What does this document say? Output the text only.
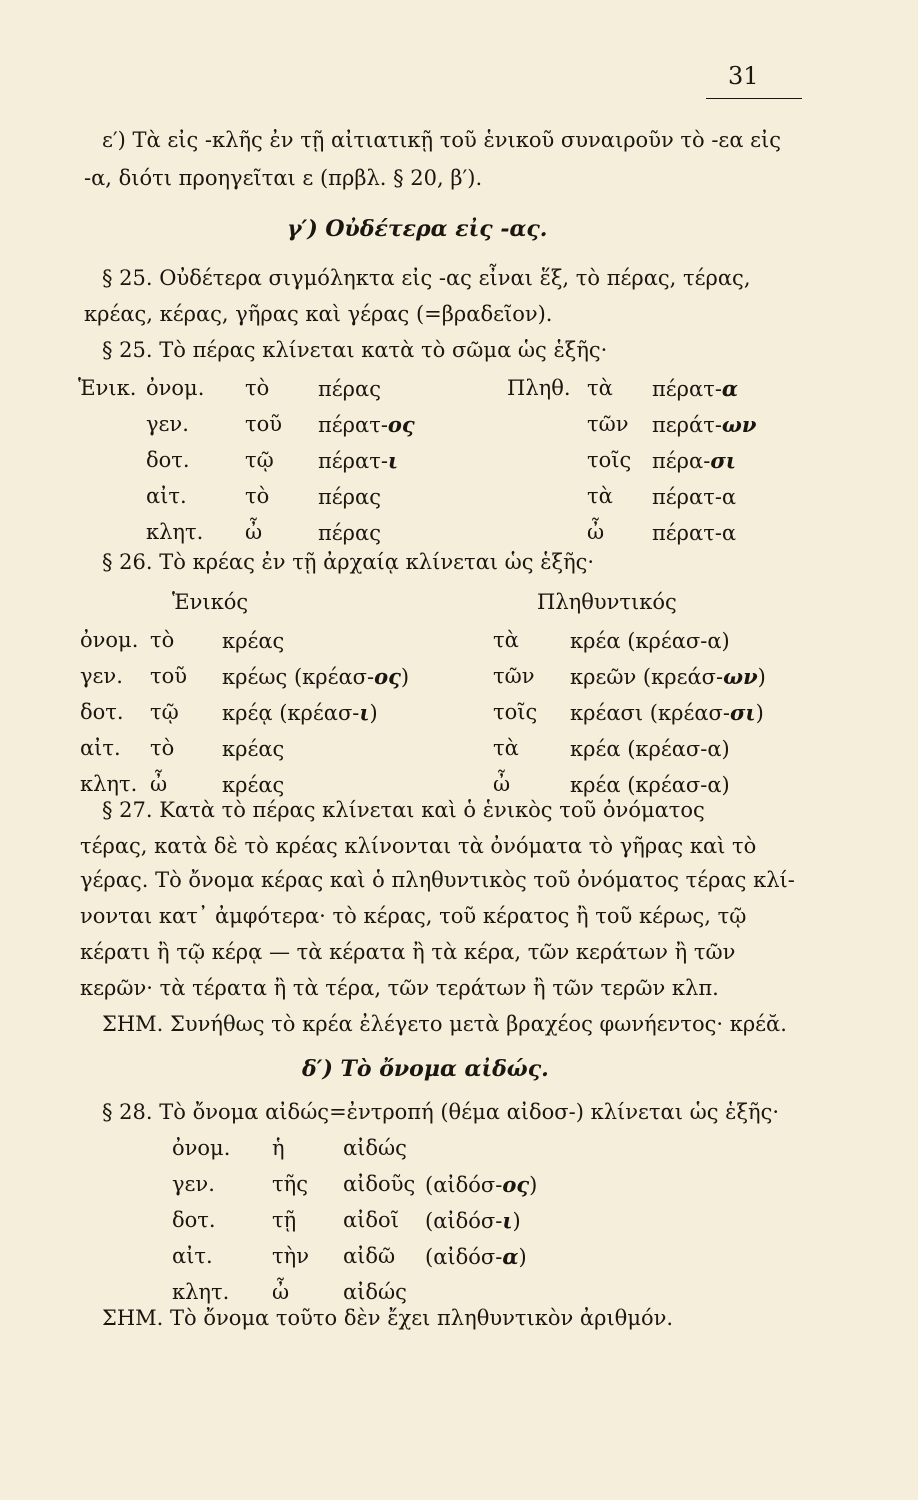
31
ε′) Τὰ εἰς -κλῆς ἐν τῇ αἰτιατικῇ τοῦ ἑνικοῦ συναιροῦν τὸ -εα εἰς
-α, διότι προηγεῖται ε (πρβλ. § 20, β′).
γ′) Οὐδέτερα εἰς -ας.
§ 25. Οὐδέτερα σιγμόληκτα εἰς -ας εἶναι ἕξ, τὸ πέρας, τέρας,
κρέας, κέρας, γῆρας καὶ γέρας (=βραδεῖον).
§ 25. Τὸ πέρας κλίνεται κατὰ τὸ σῶμα ὡς ἑξῆς·
Ἑνικ.	Πληθ.
ὀνομ. τὸ πέρας	τὰ πέρατ-α
γεν.	τοῦ πέρατ-ος	τῶν περάτ-ων
δοτ.	τῷ πέρατ-ι	τοῖς πέρα-σι
αἰτ.	τὸ πέρας	τὰ πέρατ-α
κλητ. ὦ	πέρας	ὦ πέρατ-α
§ 26. Τὸ κρέας ἐν τῇ ἀρχαίᾳ κλίνεται ὡς ἑξῆς·
Ἑνικός	Πληθυντικός
ὀνομ. τὸ κρέας	τὰ κρέα (κρέασ-α)
γεν. τοῦ κρέως (κρέασ-ος)	τῶν κρεῶν (κρεάσ-ων)
δοτ. τῷ κρέᾳ (κρέασ-ι)	τοῖς κρέασι (κρέασ-σι)
αἰτ. τὸ κρέας	τὰ κρέα (κρέασ-α)
κλητ. ὦ	κρέας	ὦ	κρέα (κρέασ-α)
§ 27. Κατὰ τὸ πέρας κλίνεται καὶ ὁ ἑνικὸς τοῦ ὀνόματος
τέρας, κατὰ δὲ τὸ κρέας κλίνονται τὰ ὀνόματα τὸ γῆρας καὶ τὸ
γέρας. Τὸ ὄνομα κέρας καὶ ὁ πληθυντικὸς τοῦ ὀνόματος τέρας κλί-
νονται κατ᾿ ἀμφότερα· τὸ κέρας, τοῦ κέρατος ἢ τοῦ κέρως, τῷ
κέρατι ἢ τῷ κέρᾳ — τὰ κέρατα ἢ τὰ κέρα, τῶν κεράτων ἢ τῶν
κερῶν· τὰ τέρατα ἢ τὰ τέρα, τῶν τεράτων ἢ τῶν τερῶν κλπ.
ΣΗΜ. Συνήθως τὸ κρέα ἐλέγετο μετὰ βραχέος φωνήεντος· κρέᾰ.
δ′) Τὸ ὄνομα αἰδώς.
§ 28. Τὸ ὄνομα αἰδώς=ἐντροπή (θέμα αἰδοσ-) κλίνεται ὡς ἑξῆς·
ὀνομ. ἡ	αἰδώς
γεν.	τῆς αἰδοῦς (αἰδόσ-ος)
δοτ.	τῇ αἰδοῖ (αἰδόσ-ι)
αἰτ.	τὴν αἰδῶ (αἰδόσ-α)
κλητ. ὦ	αἰδώς
ΣΗΜ. Τὸ ὄνομα τοῦτο δὲν ἔχει πληθυντικὸν ἀριθμόν.
